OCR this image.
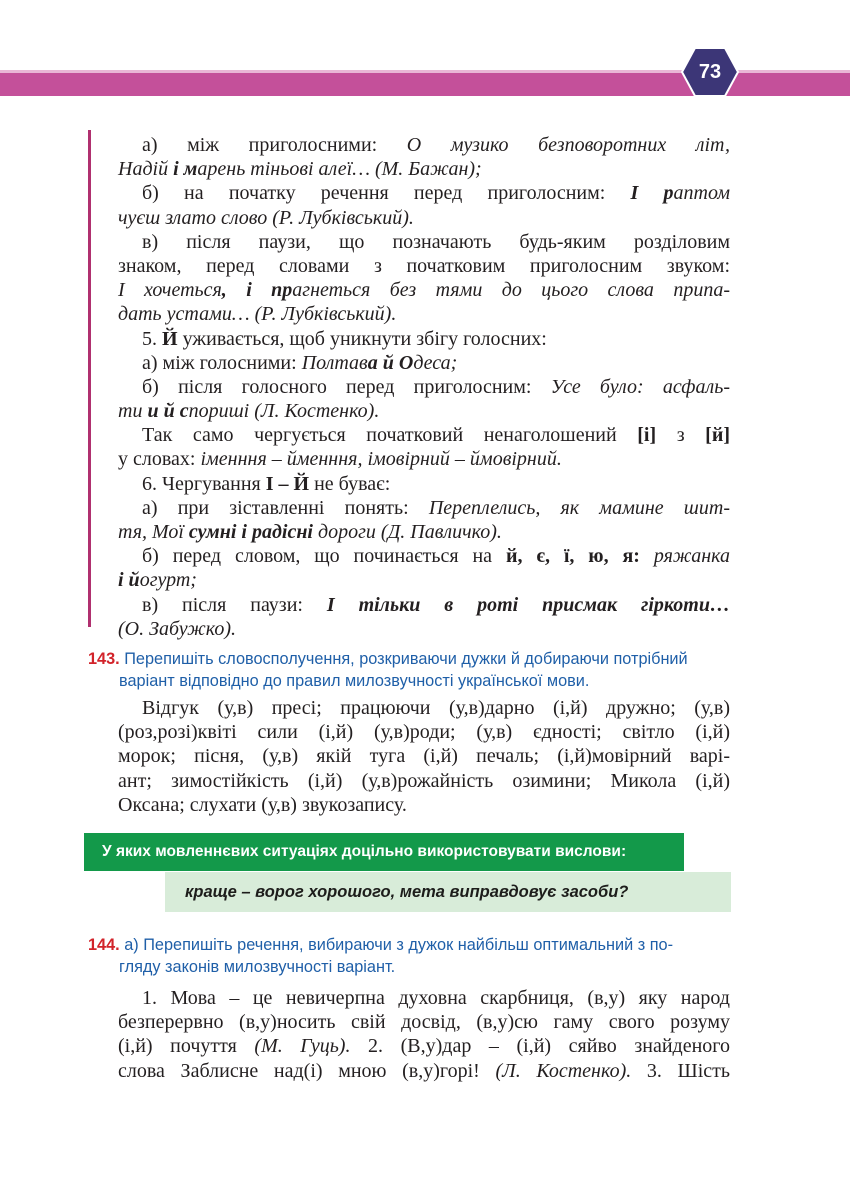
73
а) між приголосними: О музико безповоротних літ,
Надій і марень тіньові алеї… (М. Бажан);
б) на початку речення перед приголосним: І раптом
чуєш злато слово (Р. Лубківський).
в) після паузи, що позначають будь-яким розділовим
знаком, перед словами з початковим приголосним звуком:
І хочеться, і прагнеться без тями до цього слова припа-
дать устами… (Р. Лубківський).
5. Й уживається, щоб уникнути збігу голосних:
а) між голосними: Полтава й Одеса;
б) після голосного перед приголосним: Усе було: асфаль-
ти и й спориші (Л. Костенко).
Так само чергується початковий ненаголошений [і] з [й]
у словах: іменння – йменння, імовірний – ймовірний.
6. Чергування І – Й не буває:
а) при зіставленні понять: Переплелись, як мамине шит-
тя, Мої сумні і радісні дороги (Д. Павличко).
б) перед словом, що починається на й, є, ї, ю, я: ряжанка
і йогурт;
в) після паузи: І тільки в роті присмак гіркоти…
(О. Забужко).
143. Перепишіть словосполучення, розкриваючи дужки й добираючи потрібний
варіант відповідно до правил милозвучності української мови.
Відгук (у,в) пресі; працюючи (у,в)дарно (і,й) дружно; (у,в)
(роз,розі)квіті сили (і,й) (у,в)роди; (у,в) єдності; світло (і,й)
морок; пісня, (у,в) якій туга (і,й) печаль; (і,й)мовірний варі-
ант; зимостійкість (і,й) (у,в)рожайність озимини; Микола (і,й)
Оксана; слухати (у,в) звукозапису.
У яких мовленнєвих ситуаціях доцільно використовувати вислови:
краще – ворог хорошого, мета виправдовує засоби?
144. а) Перепишіть речення, вибираючи з дужок найбільш оптимальний з по-
гляду законів милозвучності варіант.
1. Мова – це невичерпна духовна скарбниця, (в,у) яку народ
безперервно (в,у)носить свій досвід, (в,у)сю гаму свого розуму
(і,й) почуття (М. Гуць). 2. (В,у)дар – (і,й) сяйво знайденого
слова Заблисне над(і) мною (в,у)горі! (Л. Костенко). 3. Шість
